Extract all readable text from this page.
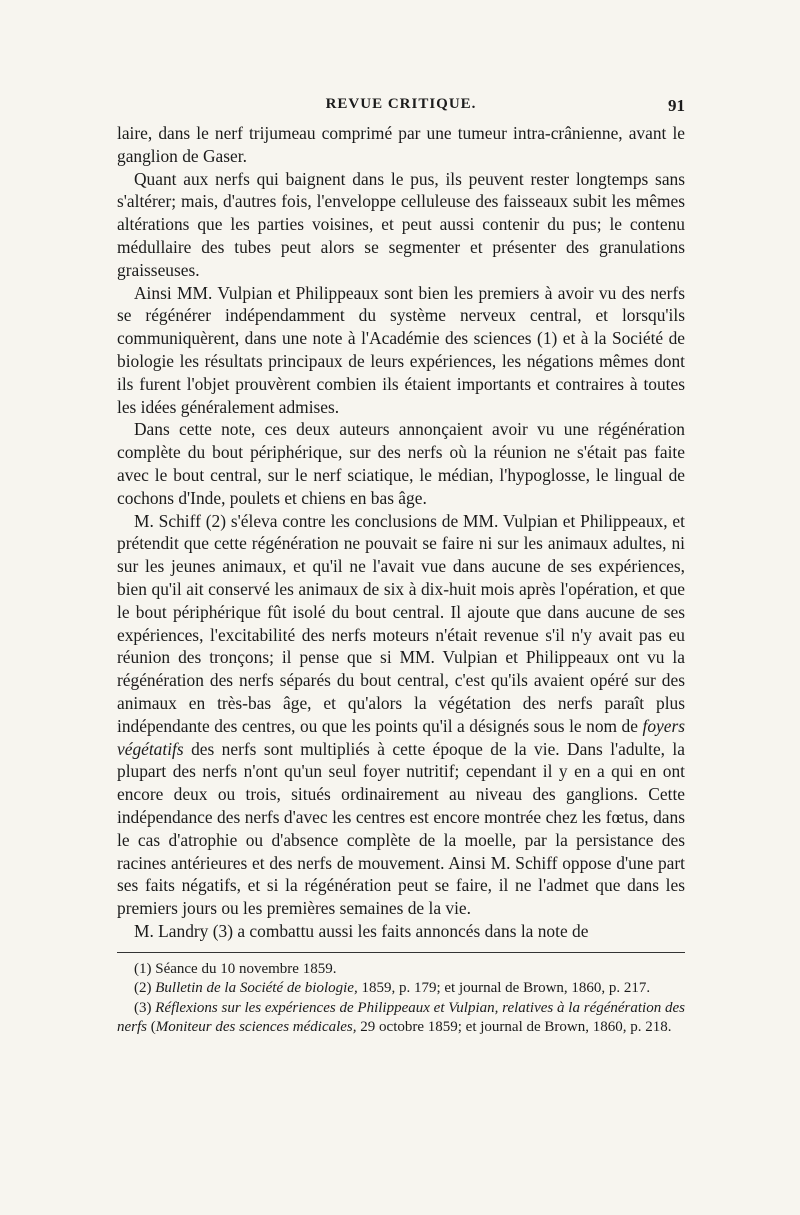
REVUE CRITIQUE.	91

laire, dans le nerf trijumeau comprimé par une tumeur intra-crânienne, avant le ganglion de Gaser.

Quant aux nerfs qui baignent dans le pus, ils peuvent rester longtemps sans s'altérer; mais, d'autres fois, l'enveloppe celluleuse des faisseaux subit les mêmes altérations que les parties voisines, et peut aussi contenir du pus; le contenu médullaire des tubes peut alors se segmenter et présenter des granulations graisseuses.

Ainsi MM. Vulpian et Philippeaux sont bien les premiers à avoir vu des nerfs se régénérer indépendamment du système nerveux central, et lorsqu'ils communiquèrent, dans une note à l'Académie des sciences (1) et à la Société de biologie les résultats principaux de leurs expériences, les négations mêmes dont ils furent l'objet prouvèrent combien ils étaient importants et contraires à toutes les idées généralement admises.

Dans cette note, ces deux auteurs annonçaient avoir vu une régénération complète du bout périphérique, sur des nerfs où la réunion ne s'était pas faite avec le bout central, sur le nerf sciatique, le médian, l'hypoglosse, le lingual de cochons d'Inde, poulets et chiens en bas âge.

M. Schiff (2) s'éleva contre les conclusions de MM. Vulpian et Philippeaux, et prétendit que cette régénération ne pouvait se faire ni sur les animaux adultes, ni sur les jeunes animaux, et qu'il ne l'avait vue dans aucune de ses expériences, bien qu'il ait conservé les animaux de six à dix-huit mois après l'opération, et que le bout périphérique fût isolé du bout central. Il ajoute que dans aucune de ses expériences, l'excitabilité des nerfs moteurs n'était revenue s'il n'y avait pas eu réunion des tronçons; il pense que si MM. Vulpian et Philippeaux ont vu la régénération des nerfs séparés du bout central, c'est qu'ils avaient opéré sur des animaux en très-bas âge, et qu'alors la végétation des nerfs paraît plus indépendante des centres, ou que les points qu'il a désignés sous le nom de foyers végétatifs des nerfs sont multipliés à cette époque de la vie. Dans l'adulte, la plupart des nerfs n'ont qu'un seul foyer nutritif; cependant il y en a qui en ont encore deux ou trois, situés ordinairement au niveau des ganglions. Cette indépendance des nerfs d'avec les centres est encore montrée chez les fœtus, dans le cas d'atrophie ou d'absence complète de la moelle, par la persistance des racines antérieures et des nerfs de mouvement. Ainsi M. Schiff oppose d'une part ses faits négatifs, et si la régénération peut se faire, il ne l'admet que dans les premiers jours ou les premières semaines de la vie.

M. Landry (3) a combattu aussi les faits annoncés dans la note de

(1) Séance du 10 novembre 1859.

(2) Bulletin de la Société de biologie, 1859, p. 179; et journal de Brown, 1860, p. 217.

(3) Réflexions sur les expériences de Philippeaux et Vulpian, relatives à la régénération des nerfs (Moniteur des sciences médicales, 29 octobre 1859; et journal de Brown, 1860, p. 218.
